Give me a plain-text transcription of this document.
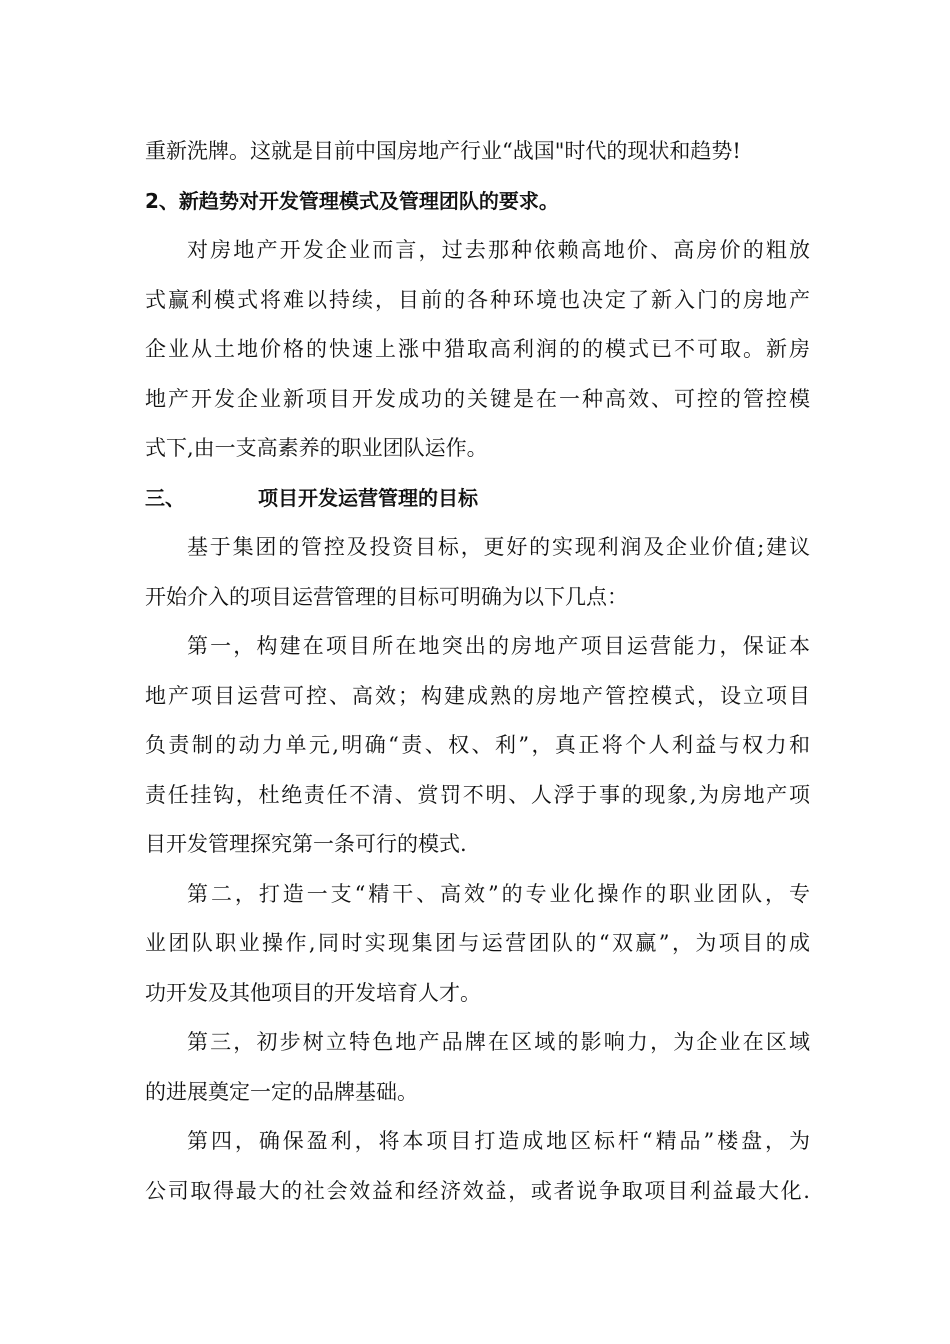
重新洗牌。这就是目前中国房地产行业“战国"时代的现状和趋势!
2、新趋势对开发管理模式及管理团队的要求。
对房地产开发企业而言，过去那种依赖高地价、高房价的粗放
式赢利模式将难以持续，目前的各种环境也决定了新入门的房地产
企业从土地价格的快速上涨中猎取高利润的的模式已不可取。新房
地产开发企业新项目开发成功的关键是在一种高效、可控的管控模
式下,由一支高素养的职业团队运作。
三、	项目开发运营管理的目标
基于集团的管控及投资目标，更好的实现利润及企业价值;建议
开始介入的项目运营管理的目标可明确为以下几点：
第一，构建在项目所在地突出的房地产项目运营能力，保证本
地产项目运营可控、高效；构建成熟的房地产管控模式，设立项目
负责制的动力单元,明确“责、权、利”，真正将个人利益与权力和
责任挂钩，杜绝责任不清、赏罚不明、人浮于事的现象,为房地产项
目开发管理探究第一条可行的模式.
第二，打造一支“精干、高效”的专业化操作的职业团队，专
业团队职业操作,同时实现集团与运营团队的“双赢”，为项目的成
功开发及其他项目的开发培育人才。
第三，初步树立特色地产品牌在区域的影响力，为企业在区域
的进展奠定一定的品牌基础。
第四，确保盈利，将本项目打造成地区标杆“精品”楼盘，为
公司取得最大的社会效益和经济效益，或者说争取项目利益最大化.
